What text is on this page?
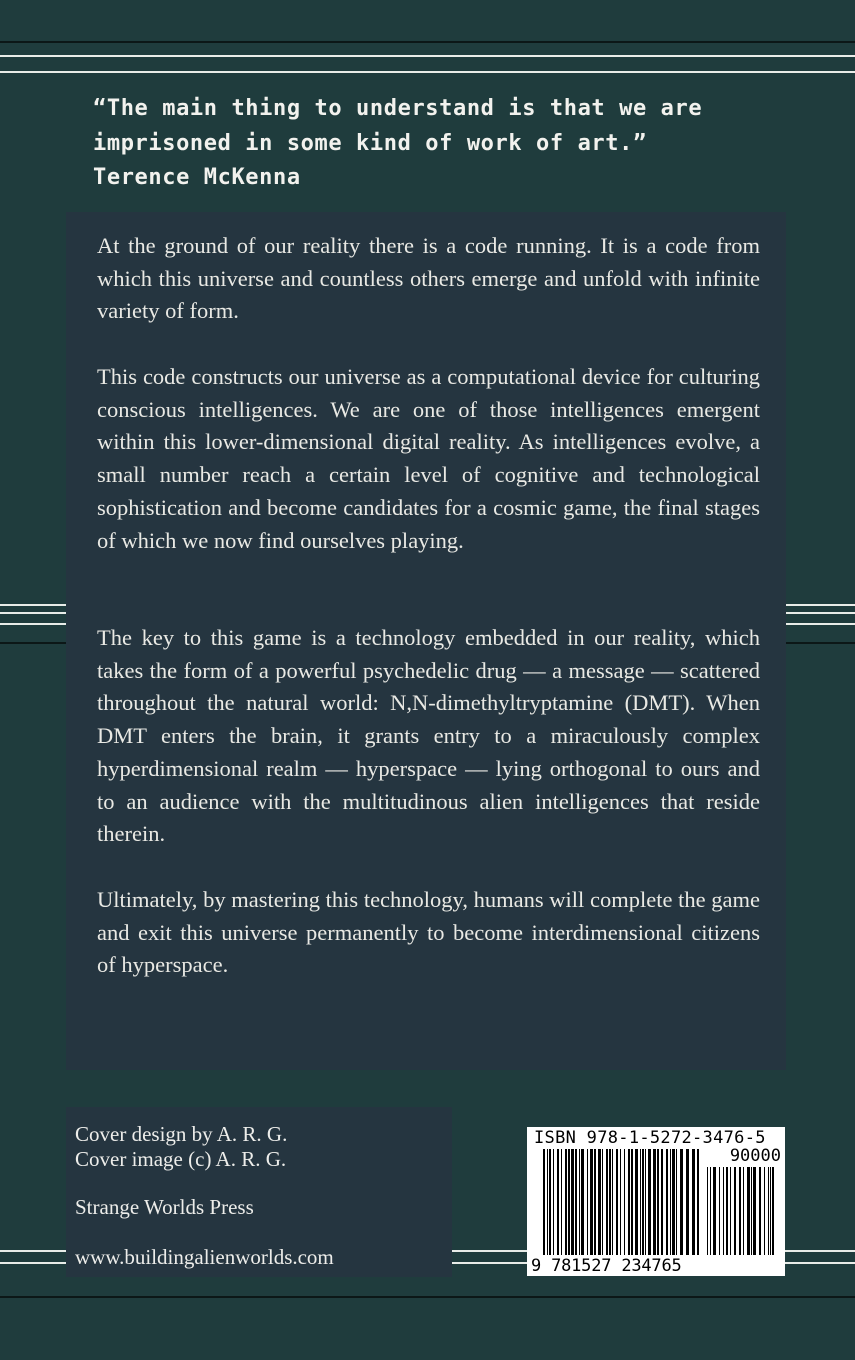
“The main thing to understand is that we are
imprisoned in some kind of work of art.”
Terence McKenna

At the ground of our reality there is a code running. It is a code from which this universe and countless others emerge and unfold with infinite variety of form.

This code constructs our universe as a computational device for culturing conscious intelligences. We are one of those intelligences emergent within this lower-dimensional digital reality. As intelligences evolve, a small number reach a certain level of cognitive and technological sophistication and become candidates for a cosmic game, the final stages of which we now find ourselves playing.

The key to this game is a technology embedded in our reality, which takes the form of a powerful psychedelic drug — a message — scattered throughout the natural world: N,N-dimethyltryptamine (DMT). When DMT enters the brain, it grants entry to a miraculously complex hyperdimensional realm — hyperspace — lying orthogonal to ours and to an audience with the multitudinous alien intelligences that reside therein.

Ultimately, by mastering this technology, humans will complete the game and exit this universe permanently to become interdimensional citizens of hyperspace.

Cover design by A. R. G.
Cover image (c) A. R. G.
Strange Worlds Press
www.buildingalienworlds.com
ISBN 978-1-5272-3476-5
90000
9 781527 234765
